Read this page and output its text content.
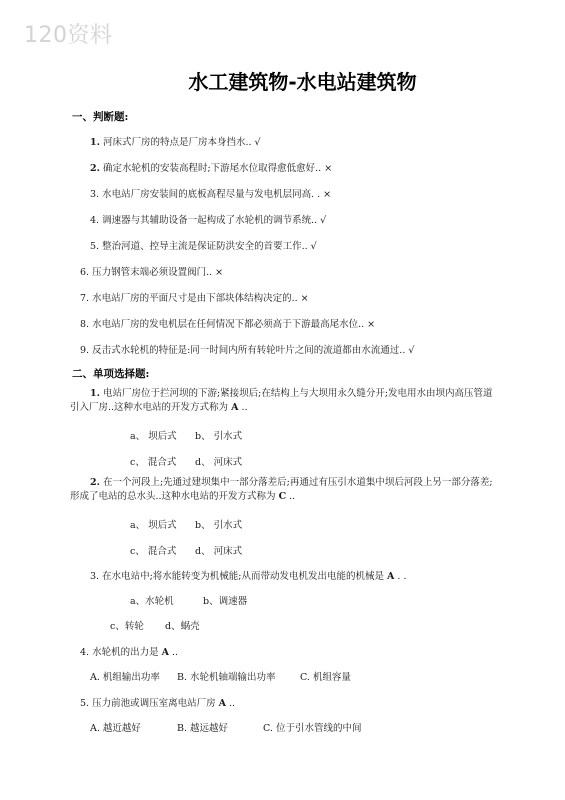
120资料
水工建筑物-水电站建筑物
一、判断题:
1. 河床式厂房的特点是厂房本身挡水.. √
2. 确定水轮机的安装高程时;下游尾水位取得愈低愈好.. ×
3. 水电站厂房安装间的底板高程尽量与发电机层同高. . ×
4. 调速器与其辅助设备一起构成了水轮机的调节系统.. √
5. 整治河道、控导主流是保证防洪安全的首要工作.. √
6. 压力钢管末端必须设置阀门.. ×
7. 水电站厂房的平面尺寸是由下部块体结构决定的.. ×
8. 水电站厂房的发电机层在任何情况下都必须高于下游最高尾水位.. ×
9. 反击式水轮机的特征是:同一时间内所有转轮叶片之间的流道都由水流通过.. √
二、单项选择题:
1. 电站厂房位于拦河坝的下游;紧接坝后;在结构上与大坝用永久缝分开;发电用水由坝内高压管道引入厂房..这种水电站的开发方式称为 A ..
a、 坝后式 b、 引水式
c、 混合式 d、 河床式
2. 在一个河段上;先通过建坝集中一部分落差后;再通过有压引水道集中坝后河段上另一部分落差;形成了电站的总水头..这种水电站的开发方式称为 C ..
a、 坝后式 b、 引水式
c、 混合式 d、 河床式
3. 在水电站中;将水能转变为机械能;从而带动发电机发出电能的机械是 A . .
a、水轮机	b、调速器
c、转轮 d、蜗壳
4. 水轮机的出力是 A ..
A. 机组输出功率 B. 水轮机轴端输出功率	C. 机组容量
5. 压力前池或调压室离电站厂房 A ..
A. 越近越好	B. 越远越好	C. 位于引水管线的中间
